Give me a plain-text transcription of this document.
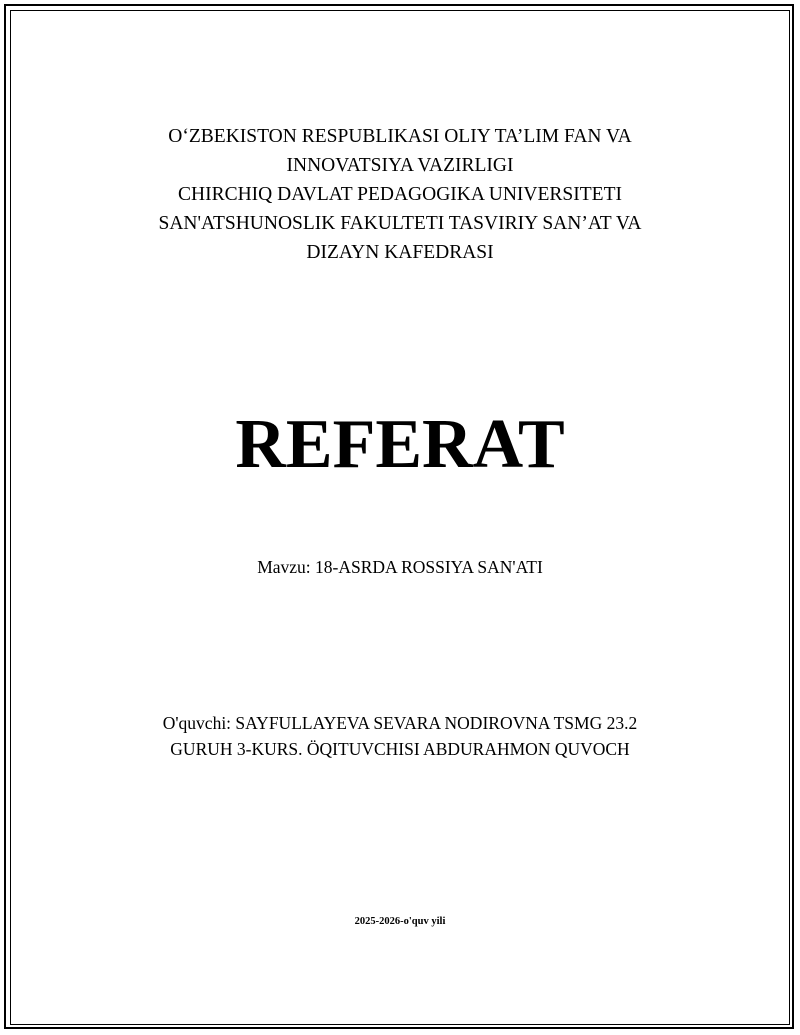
O‘ZBEKISTON RESPUBLIKASI OLIY TA’LIM FAN VA
INNOVATSIYA VAZIRLIGI
CHIRCHIQ DAVLAT PEDAGOGIKA UNIVERSITETI
SAN'ATSHUNOSLIK FAKULTETI TASVIRIY SAN’AT VA
DIZAYN KAFEDRASI
REFERAT
Mavzu: 18-ASRDA ROSSIYA SAN'ATI
O'quvchi: SAYFULLAYEVA SEVARA NODIROVNA TSMG 23.2
GURUH 3-KURS. ÖQITUVCHISI ABDURAHMON QUVOCH
2025-2026-o'quv yili
